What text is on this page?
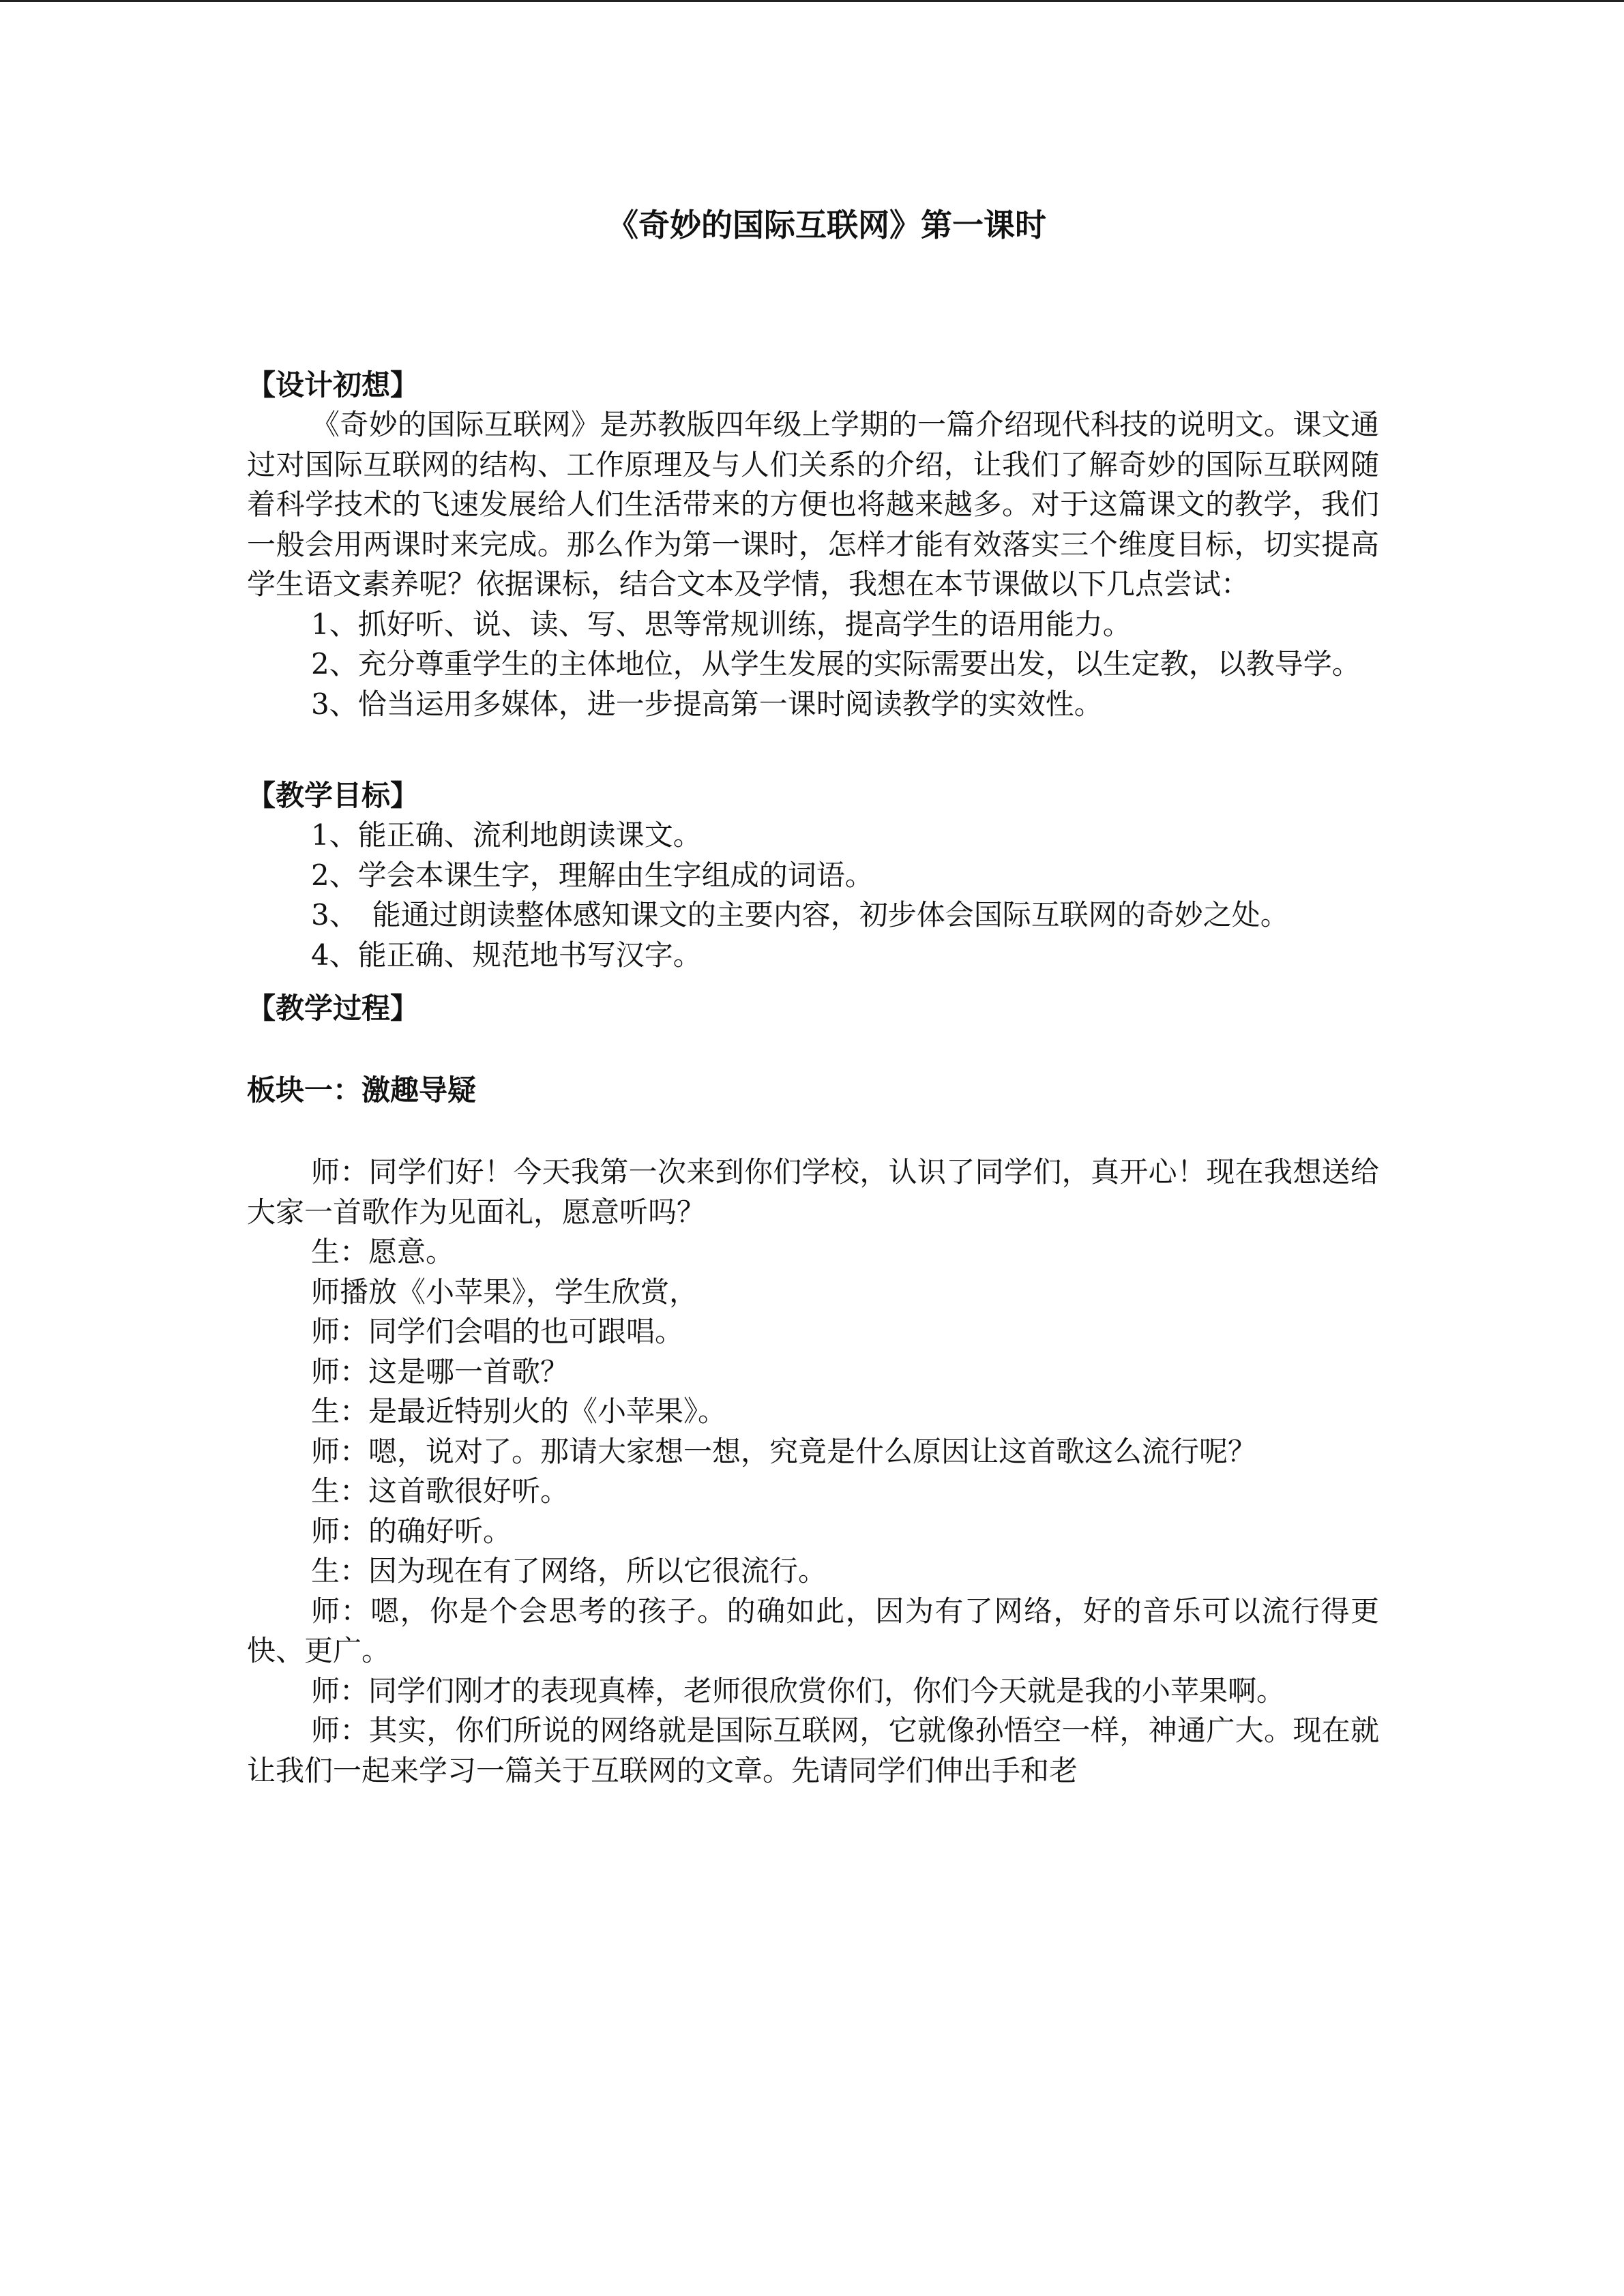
《奇妙的国际互联网》第一课时
【设计初想】

《奇妙的国际互联网》是苏教版四年级上学期的一篇介绍现代科技的说明文。课文通过对国际互联网的结构、工作原理及与人们关系的介绍，让我们了解奇妙的国际互联网随着科学技术的飞速发展给人们生活带来的方便也将越来越多。对于这篇课文的教学，我们一般会用两课时来完成。那么作为第一课时，怎样才能有效落实三个维度目标，切实提高学生语文素养呢？依据课标，结合文本及学情，我想在本节课做以下几点尝试：

1、抓好听、说、读、写、思等常规训练，提高学生的语用能力。

2、充分尊重学生的主体地位，从学生发展的实际需要出发，以生定教，以教导学。

3、恰当运用多媒体，进一步提高第一课时阅读教学的实效性。

【教学目标】

1、能正确、流利地朗读课文。

2、学会本课生字，理解由生字组成的词语。

3、　能通过朗读整体感知课文的主要内容，初步体会国际互联网的奇妙之处。

4、能正确、规范地书写汉字。

【教学过程】
板块一：激趣导疑

师：同学们好！今天我第一次来到你们学校，认识了同学们，真开心！现在我想送给大家一首歌作为见面礼，愿意听吗？

生：愿意。

师播放《小苹果》，学生欣赏，

师：同学们会唱的也可跟唱。

师：这是哪一首歌？

生：是最近特别火的《小苹果》。

师：嗯，说对了。那请大家想一想，究竟是什么原因让这首歌这么流行呢？

生：这首歌很好听。

师：的确好听。

生：因为现在有了网络，所以它很流行。

师：嗯，你是个会思考的孩子。的确如此，因为有了网络，好的音乐可以流行得更快、更广。

师：同学们刚才的表现真棒，老师很欣赏你们，你们今天就是我的小苹果啊。

师：其实，你们所说的网络就是国际互联网，它就像孙悟空一样，神通广大。现在就让我们一起来学习一篇关于互联网的文章。先请同学们伸出手和老
